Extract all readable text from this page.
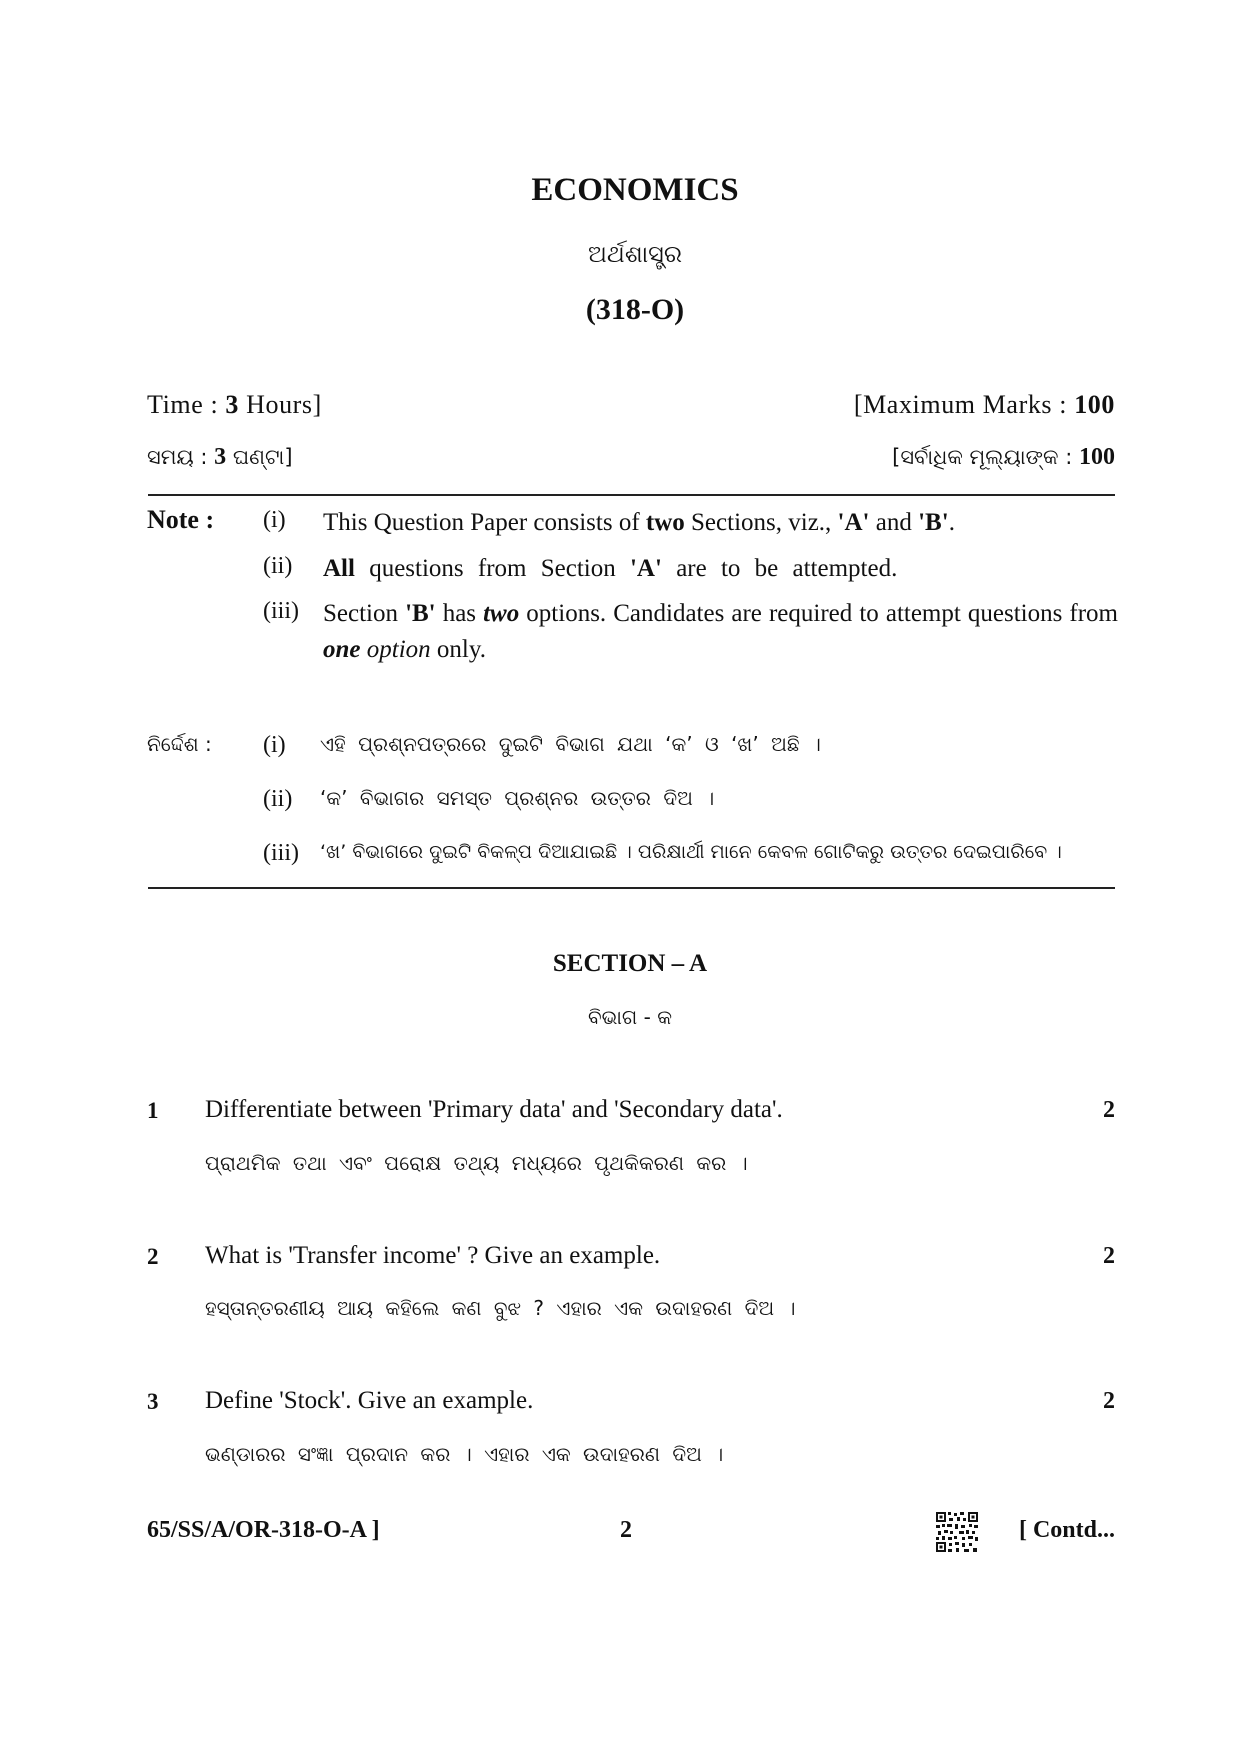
ECONOMICS
ଅର୍ଥଶାସ୍ତ୍ର
(318-O)
Time : 3 Hours]	[Maximum Marks : 100
ସମୟ : 3 ଘଣ୍ଟା]	[ସର୍ବାଧିକ ମୂଲ୍ୟାଙ୍କ : 100
Note : (i) This Question Paper consists of two Sections, viz., 'A' and 'B'.
(ii) All questions from Section 'A' are to be attempted.
(iii) Section 'B' has two options. Candidates are required to attempt questions from one option only.
ନିର୍ଦ୍ଦେଶ : (i) ଏହି ପ୍ରଶ୍ନପତ୍ରରେ ଦୁଇଟି ବିଭାଗ ଯଥା ‘କ’ ଓ ‘ଖ’ ଅଛି ।
(ii) ‘କ’ ବିଭାଗର ସମସ୍ତ ପ୍ରଶ୍ନର ଉତ୍ତର ଦିଅ ।
(iii) ‘ଖ’ ବିଭାଗରେ ଦୁଇଟି ବିକଳ୍ପ ଦିଆଯାଇଛି । ପରିକ୍ଷାର୍ଥୀ ମାନେ କେବଳ ଗୋଟିକରୁ ଉତ୍ତର ଦେଇପାରିବେ ।
SECTION – A
ବିଭାଗ - କ
1 Differentiate between 'Primary data' and 'Secondary data'.	2
ପ୍ରାଥମିକ ତଥା ଏବଂ ପରୋକ୍ଷ ତଥ୍ୟ ମଧ୍ୟରେ ପୃଥକିକରଣ କର ।
2 What is 'Transfer income' ? Give an example.	2
ହସ୍ତାନ୍ତରଣୀୟ ଆୟ କହିଲେ କଣ ବୁଝ ? ଏହାର ଏକ ଉଦାହରଣ ଦିଅ ।
3 Define 'Stock'. Give an example.	2
ଭଣ୍ଡାରର ସଂଜ୍ଞା ପ୍ରଦାନ କର । ଏହାର ଏକ ଉଦାହରଣ ଦିଅ ।
65/SS/A/OR-318-O-A ]	2	[ Contd...
